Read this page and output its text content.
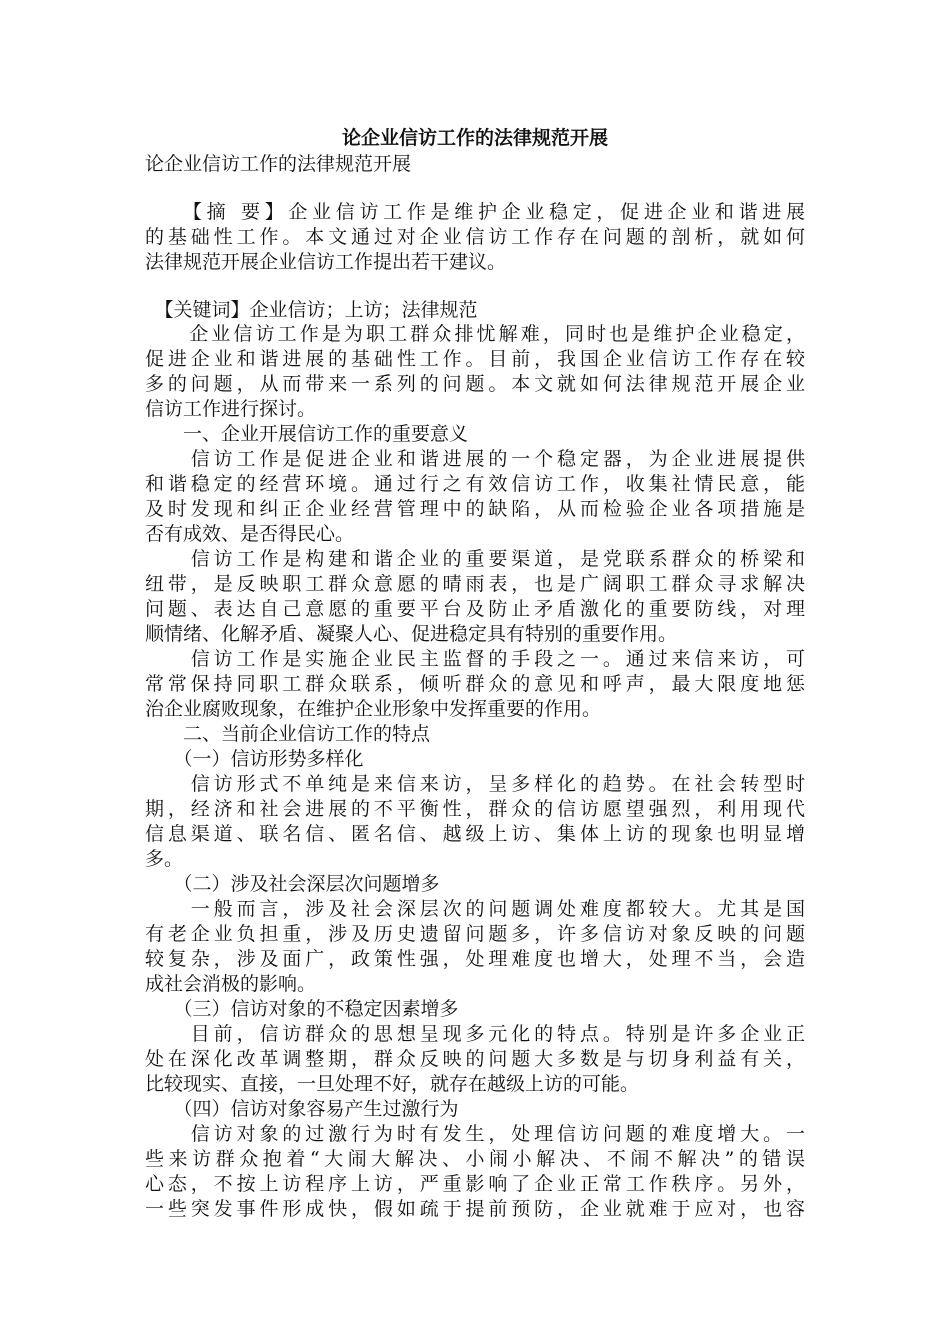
论企业信访工作的法律规范开展
论企业信访工作的法律规范开展
　　【摘 要】企业信访工作是维护企业稳定，促进企业和谐进展
的基础性工作。本文通过对企业信访工作存在问题的剖析，就如何
法律规范开展企业信访工作提出若干建议。
　【关键词】企业信访；上访；法律规范
　　企业信访工作是为职工群众排忧解难，同时也是维护企业稳定，
促进企业和谐进展的基础性工作。目前，我国企业信访工作存在较
多的问题，从而带来一系列的问题。本文就如何法律规范开展企业
信访工作进行探讨。
　　一、企业开展信访工作的重要意义
　　信访工作是促进企业和谐进展的一个稳定器，为企业进展提供
和谐稳定的经营环境。通过行之有效信访工作，收集社情民意，能
及时发现和纠正企业经营管理中的缺陷，从而检验企业各项措施是
否有成效、是否得民心。
　　信访工作是构建和谐企业的重要渠道，是党联系群众的桥梁和
纽带，是反映职工群众意愿的晴雨表，也是广阔职工群众寻求解决
问题、表达自己意愿的重要平台及防止矛盾激化的重要防线，对理
顺情绪、化解矛盾、凝聚人心、促进稳定具有特别的重要作用。
　　信访工作是实施企业民主监督的手段之一。通过来信来访，可
常常保持同职工群众联系，倾听群众的意见和呼声，最大限度地惩
治企业腐败现象，在维护企业形象中发挥重要的作用。
　　二、当前企业信访工作的特点
　　（一）信访形势多样化
　　信访形式不单纯是来信来访，呈多样化的趋势。在社会转型时
期，经济和社会进展的不平衡性，群众的信访愿望强烈，利用现代
信息渠道、联名信、匿名信、越级上访、集体上访的现象也明显增
多。
　　（二）涉及社会深层次问题增多
　　一般而言，涉及社会深层次的问题调处难度都较大。尤其是国
有老企业负担重，涉及历史遗留问题多，许多信访对象反映的问题
较复杂，涉及面广，政策性强，处理难度也增大，处理不当，会造
成社会消极的影响。
　　（三）信访对象的不稳定因素增多
　　目前，信访群众的思想呈现多元化的特点。特别是许多企业正
处在深化改革调整期，群众反映的问题大多数是与切身利益有关，
比较现实、直接，一旦处理不好，就存在越级上访的可能。
　　（四）信访对象容易产生过激行为
　　信访对象的过激行为时有发生，处理信访问题的难度增大。一
些来访群众抱着“大闹大解决、小闹小解决、不闹不解决”的错误
心态，不按上访程序上访，严重影响了企业正常工作秩序。另外，
一些突发事件形成快，假如疏于提前预防，企业就难于应对，也容
